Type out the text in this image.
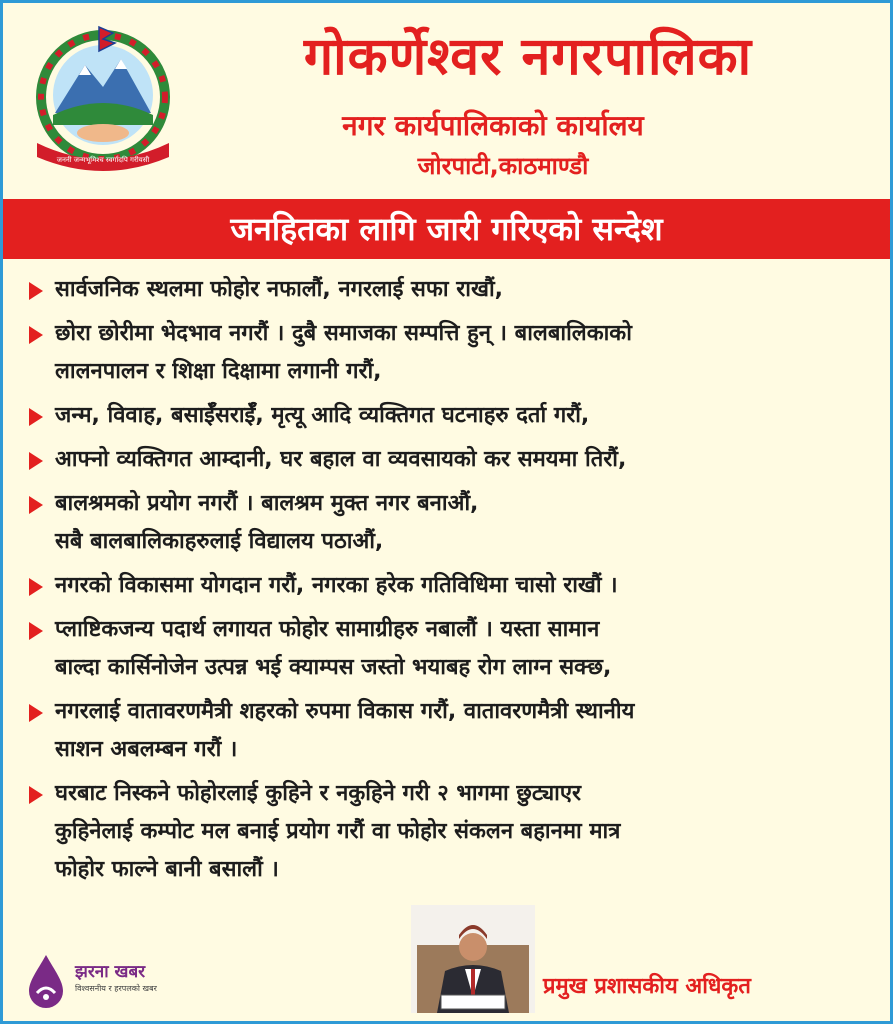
जननी जन्मभूमिश्च स्वर्गादपि गरीयसी
गोकर्णेश्वर नगरपालिका
नगर कार्यपालिकाको कार्यालय
जोरपाटी,काठमाण्डौ
जनहितका लागि जारी गरिएको सन्देश
सार्वजनिक स्थलमा फोहोर नफालौं, नगरलाई सफा राखौं,
छोरा छोरीमा भेदभाव नगरौं । दुबै समाजका सम्पत्ति हुन् । बालबालिकाको
लालनपालन र शिक्षा दिक्षामा लगानी गरौं,
जन्म, विवाह, बसाईँसराईँ, मृत्यू आदि व्यक्तिगत घटनाहरु दर्ता गरौं,
आफ्नो व्यक्तिगत आम्दानी, घर बहाल वा व्यवसायको कर समयमा तिरौं,
बालश्रमको प्रयोग नगरौं । बालश्रम मुक्त नगर बनाऔं,
सबै बालबालिकाहरुलाई विद्यालय पठाऔं,
नगरको विकासमा योगदान गरौं, नगरका हरेक गतिविधिमा चासो राखौं ।
प्लाष्टिकजन्य पदार्थ लगायत फोहोर सामाग्रीहरु नबालौं । यस्ता सामान
बाल्दा कार्सिनोजेन उत्पन्न भई क्याम्पस जस्तो भयाबह रोग लाग्न सक्छ,
नगरलाई वातावरणमैत्री शहरको रुपमा विकास गरौं, वातावरणमैत्री स्थानीय
साशन अबलम्बन गरौं ।
घरबाट निस्कने फोहोरलाई कुहिने र नकुहिने गरी २ भागमा छुट्याएर
कुहिनेलाई कम्पोट मल बनाई प्रयोग गरौं वा फोहोर संकलन बहानमा मात्र
फोहोर फाल्ने बानी बसालौं ।
झरना खबर
विश्वसनीय र हरपलको खबर	प्रमुख प्रशासकीय अधिकृत
